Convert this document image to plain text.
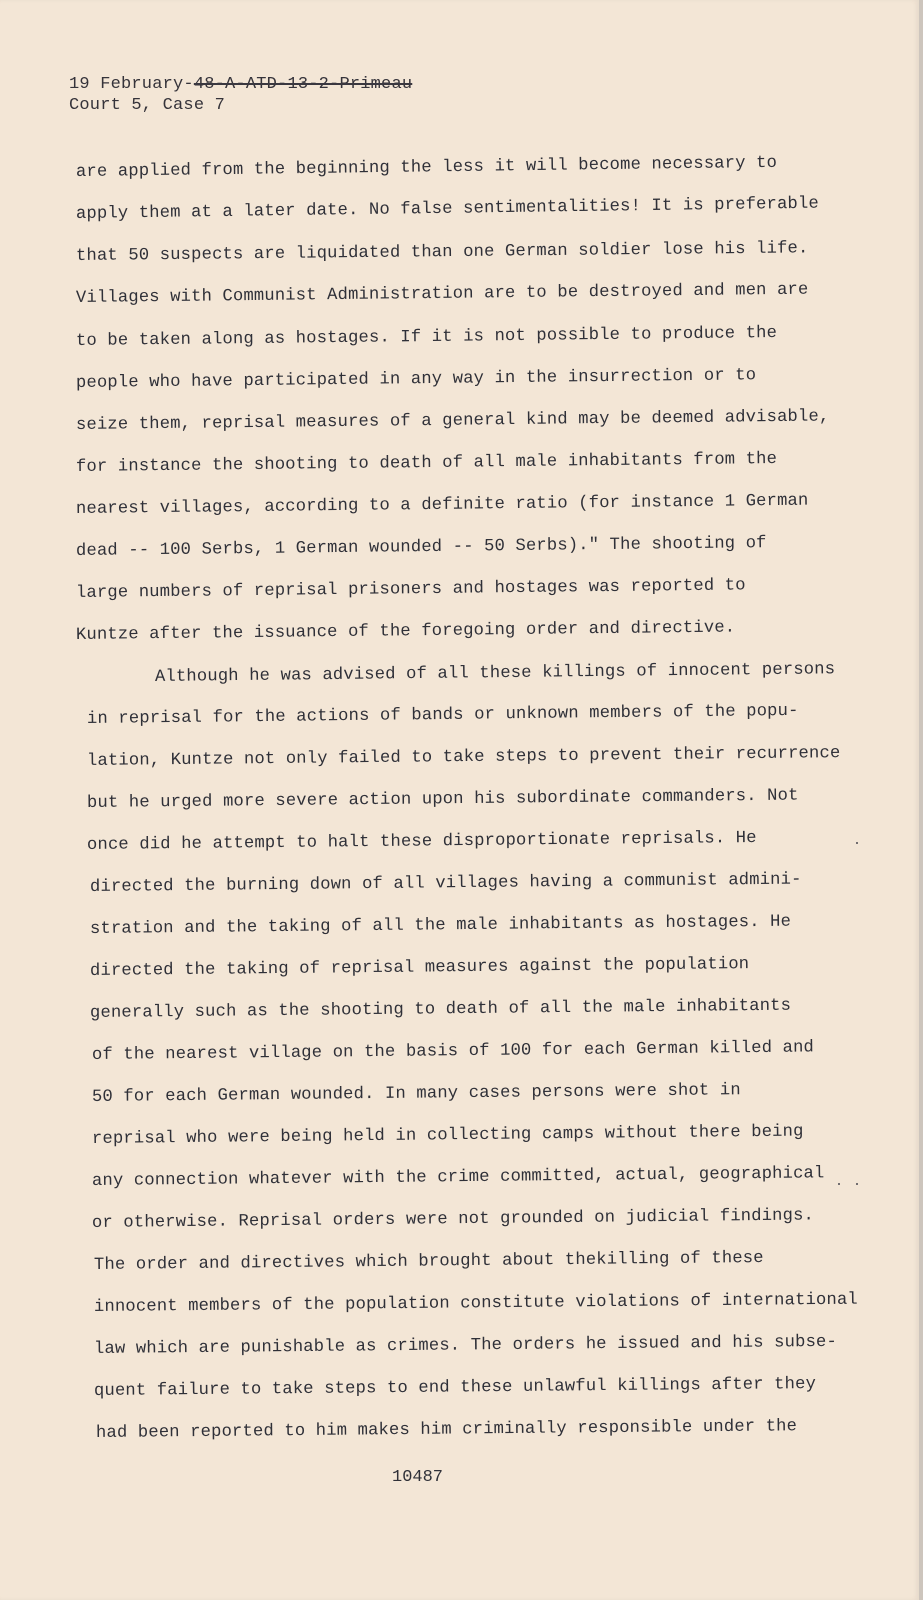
19 February-48-A-ATD-13-2-Primeau
Court 5, Case 7
are applied from the beginning the less it will become necessary to
apply them at a later date. No false sentimentalities! It is preferable
that 50 suspects are liquidated than one German soldier lose his life.
Villages with Communist Administration are to be destroyed and men are
to be taken along as hostages. If it is not possible to produce the
people who have participated in any way in the insurrection or to
seize them, reprisal measures of a general kind may be deemed advisable,
for instance the shooting to death of all male inhabitants from the
nearest villages, according to a definite ratio (for instance 1 German
dead -- 100 Serbs, 1 German wounded -- 50 Serbs)." The shooting of
large numbers of reprisal prisoners and hostages was reported to
Kuntze after the issuance of the foregoing order and directive.
Although he was advised of all these killings of innocent persons
in reprisal for the actions of bands or unknown members of the popu-
lation, Kuntze not only failed to take steps to prevent their recurrence
but he urged more severe action upon his subordinate commanders. Not
once did he attempt to halt these disproportionate reprisals. He
directed the burning down of all villages having a communist admini-
stration and the taking of all the male inhabitants as hostages. He
directed the taking of reprisal measures against the population
generally such as the shooting to death of all the male inhabitants
of the nearest village on the basis of 100 for each German killed and
50 for each German wounded. In many cases persons were shot in
reprisal who were being held in collecting camps without there being
any connection whatever with the crime committed, actual, geographical
or otherwise. Reprisal orders were not grounded on judicial findings.
The order and directives which brought about thekilling of these
innocent members of the population constitute violations of international
law which are punishable as crimes. The orders he issued and his subse-
quent failure to take steps to end these unlawful killings after they
had been reported to him makes him criminally responsible under the
10487
